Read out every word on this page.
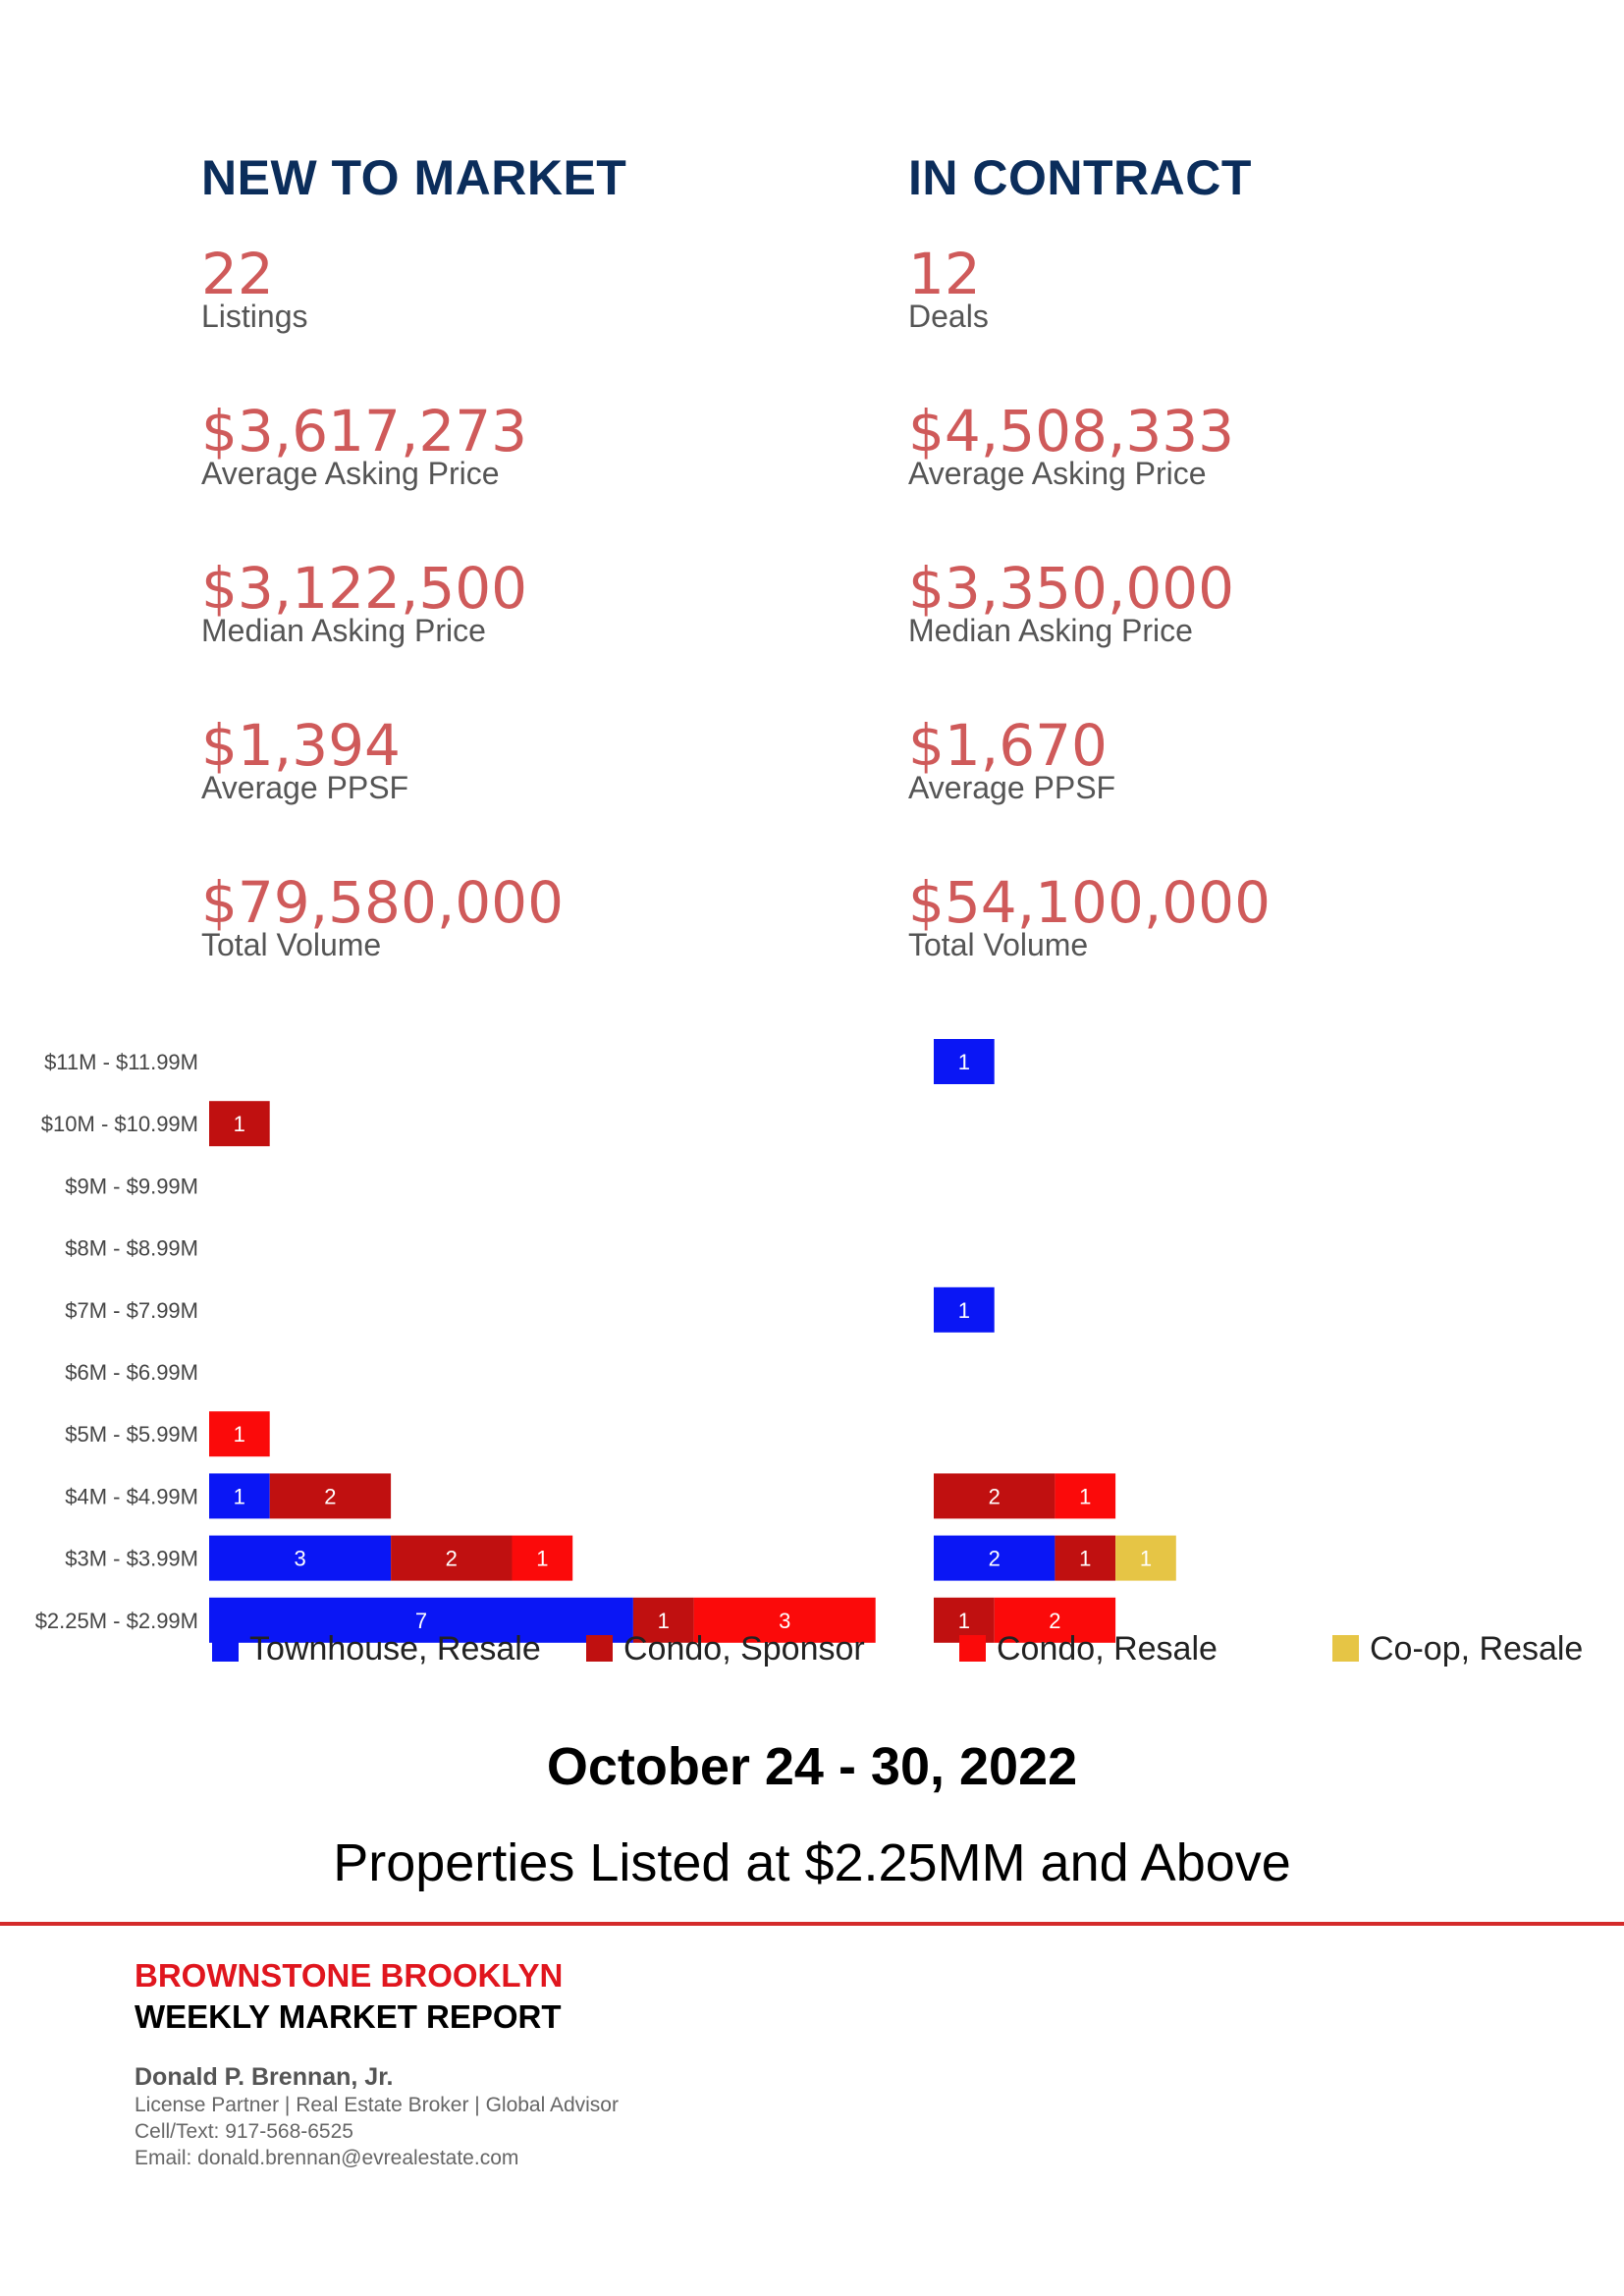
NEW TO MARKET
22
Listings
$3,617,273
Average Asking Price
$3,122,500
Median Asking Price
$1,394
Average PPSF
$79,580,000
Total Volume
IN CONTRACT
12
Deals
$4,508,333
Average Asking Price
$3,350,000
Median Asking Price
$1,670
Average PPSF
$54,100,000
Total Volume
$11M - $11.99M
$10M - $10.99M
$9M - $9.99M
$8M - $8.99M
$7M - $7.99M
$6M - $6.99M
$5M - $5.99M
$4M - $4.99M
$3M - $3.99M
$2.25M - $2.99M
1
1
1	2
3	2	1
7	1	3
1
1
2	1
2	1 1
1	2
Townhouse, Resale	Condo, Sponsor	Condo, Resale	Co-op, Resale
October 24 - 30, 2022
Properties Listed at $2.25MM and Above
BROWNSTONE BROOKLYN
WEEKLY MARKET REPORT
Donald P. Brennan, Jr.
License Partner | Real Estate Broker | Global Advisor
Cell/Text: 917-568-6525
Email: donald.brennan@evrealestate.com
